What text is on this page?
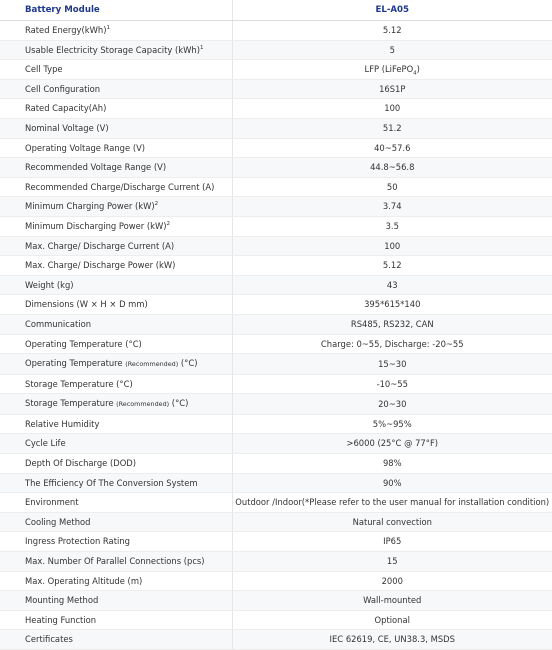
Battery Module	EL-A05
Rated Energy(kWh)$^1$	5.12
Usable Electricity Storage Capacity (kWh)$^1$	5
Cell Type	LFP (LiFePO$_4$)
Cell Configuration	16S1P
Rated Capacity(Ah)	100
Nominal Voltage (V)	51.2
Operating Voltage Range (V)	40~57.6
Recommended Voltage Range (V)	44.8~56.8
Recommended Charge/Discharge Current (A)	50
Minimum Charging Power (kW)$^2$	3.74
Minimum Discharging Power (kW)$^2$	3.5
Max. Charge/ Discharge Current (A)	100
Max. Charge/ Discharge Power (kW)	5.12
Weight (kg)	43
Dimensions (W × H × D mm)	395*615*140
Communication	RS485, RS232, CAN
Operating Temperature (°C)	Charge: 0~55, Discharge: -20~55
Operating Temperature (Recommended) (°C)	15~30
Storage Temperature (°C)	-10~55
Storage Temperature (Recommended) (°C)	20~30
Relative Humidity	5%~95%
Cycle Life	>6000 (25°C @ 77°F)
Depth Of Discharge (DOD)	98%
The Efficiency Of The Conversion System	90%
Environment	Outdoor /Indoor(*Please refer to the user manual for installation condition)
Cooling Method	Natural convection
Ingress Protection Rating	IP65
Max. Number Of Parallel Connections (pcs)	15
Max. Operating Altitude (m)	2000
Mounting Method	Wall-mounted
Heating Function	Optional
Certificates	IEC 62619, CE, UN38.3, MSDS
